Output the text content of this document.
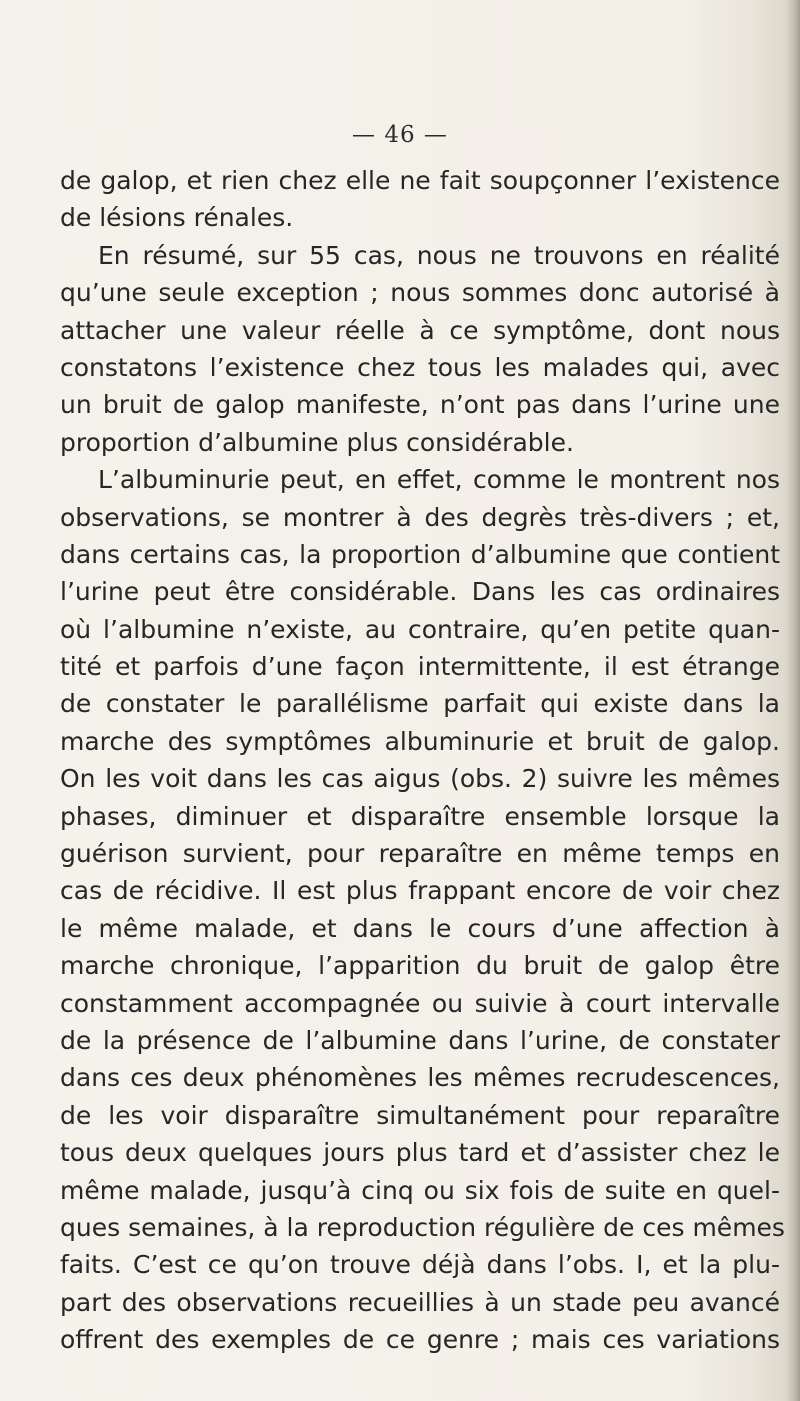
— 46 —
de galop, et rien chez elle ne fait soupçonner l’existence
de lésions rénales.
En résumé, sur 55 cas, nous ne trouvons en réalité
qu’une seule exception ; nous sommes donc autorisé à
attacher une valeur réelle à ce symptôme, dont nous
constatons l’existence chez tous les malades qui, avec
un bruit de galop manifeste, n’ont pas dans l’urine une
proportion d’albumine plus considérable.
L’albuminurie peut, en effet, comme le montrent nos
observations, se montrer à des degrès très-divers ; et,
dans certains cas, la proportion d’albumine que contient
l’urine peut être considérable. Dans les cas ordinaires
où l’albumine n’existe, au contraire, qu’en petite quan-
tité et parfois d’une façon intermittente, il est étrange
de constater le parallélisme parfait qui existe dans la
marche des symptômes albuminurie et bruit de galop.
On les voit dans les cas aigus (obs. 2) suivre les mêmes
phases, diminuer et disparaître ensemble lorsque la
guérison survient, pour reparaître en même temps en
cas de récidive. Il est plus frappant encore de voir chez
le même malade, et dans le cours d’une affection à
marche chronique, l’apparition du bruit de galop être
constamment accompagnée ou suivie à court intervalle
de la présence de l’albumine dans l’urine, de constater
dans ces deux phénomènes les mêmes recrudescences,
de les voir disparaître simultanément pour reparaître
tous deux quelques jours plus tard et d’assister chez le
même malade, jusqu’à cinq ou six fois de suite en quel-
ques semaines, à la reproduction régulière de ces mêmes
faits. C’est ce qu’on trouve déjà dans l’obs. I, et la plu-
part des observations recueillies à un stade peu avancé
offrent des exemples de ce genre ; mais ces variations
